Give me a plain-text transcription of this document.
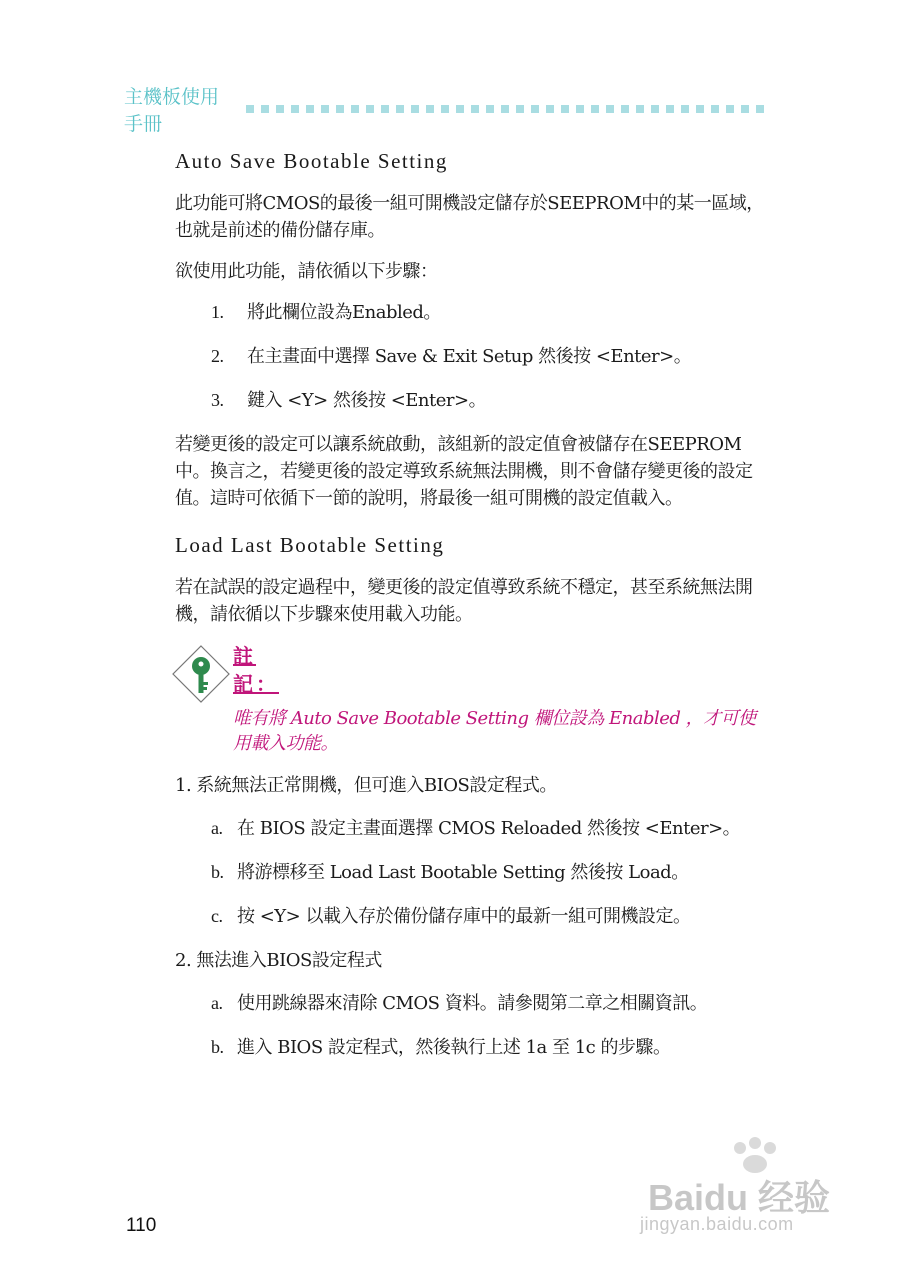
主機板使用手冊
Auto Save Bootable Setting

此功能可將CMOS的最後一組可開機設定儲存於SEEPROM中的某一區域，也就是前述的備份儲存庫。

欲使用此功能，請依循以下步驟：

1.	將此欄位設為Enabled。
2.	在主畫面中選擇 Save & Exit Setup 然後按 <Enter>。
3.	鍵入 <Y> 然後按 <Enter>。

若變更後的設定可以讓系統啟動，該組新的設定值會被儲存在SEEPROM中。換言之，若變更後的設定導致系統無法開機，則不會儲存變更後的設定值。這時可依循下一節的說明，將最後一組可開機的設定值載入。

Load Last Bootable Setting

若在試誤的設定過程中，變更後的設定值導致系統不穩定，甚至系統無法開機，請依循以下步驟來使用載入功能。

註記：
唯有將 Auto Save Bootable Setting 欄位設為 Enabled ，才可使用載入功能。
1. 系統無法正常開機，但可進入BIOS設定程式。
a. 在 BIOS 設定主畫面選擇 CMOS Reloaded 然後按 <Enter>。
b. 將游標移至 Load Last Bootable Setting 然後按 Load。
c. 按 <Y> 以載入存於備份儲存庫中的最新一組可開機設定。
2. 無法進入BIOS設定程式
a. 使用跳線器來清除 CMOS 資料。請參閱第二章之相關資訊。
b. 進入 BIOS 設定程式，然後執行上述 1a 至 1c 的步驟。
110
Baidu 经验
jingyan.baidu.com
